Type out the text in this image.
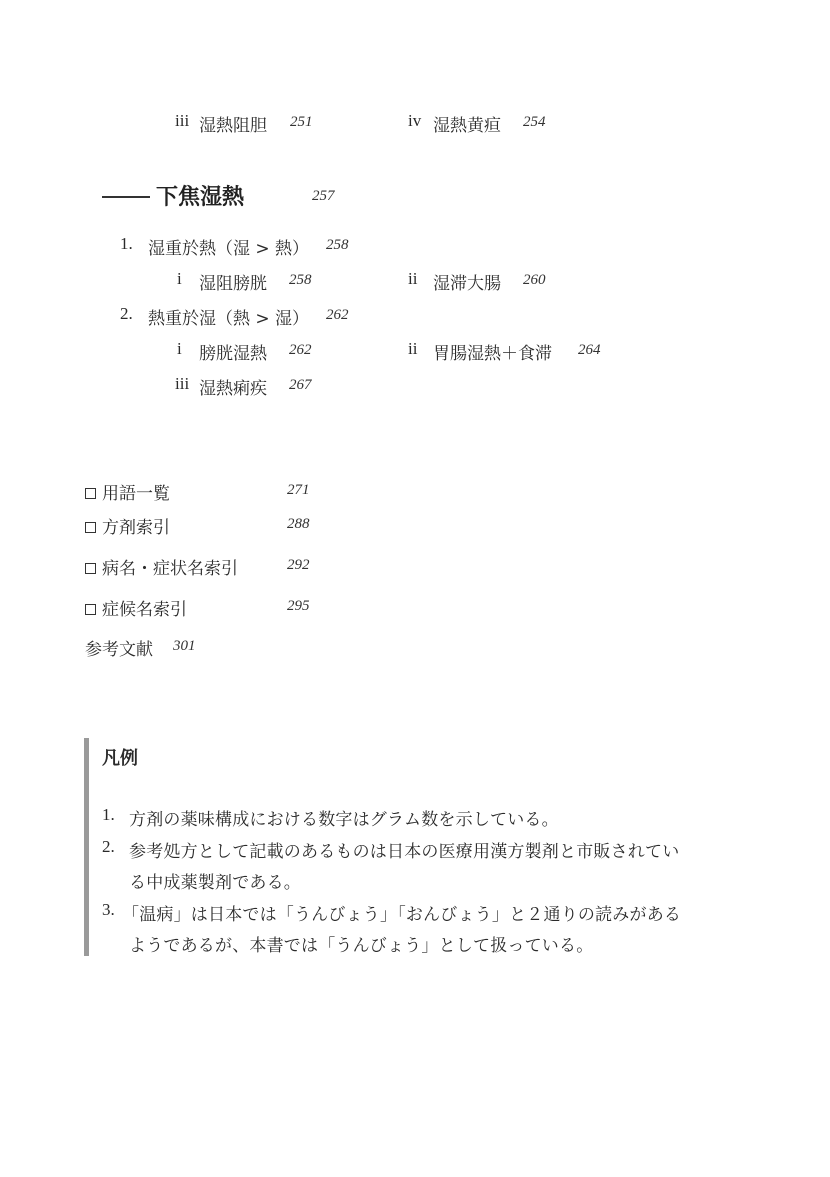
iii 湿熱阻胆 251	iv 湿熱黄疸 254
下焦湿熱	257
1. 湿重於熱（湿 > 熱） 258
i 湿阻膀胱 258	ii 湿滞大腸 260
2. 熱重於湿（熱 > 湿） 262
i 膀胱湿熱 262	ii 胃腸湿熱＋食滞 264
iii 湿熱痢疾 267
用語一覧	271
方剤索引	288
病名・症状名索引	292
症候名索引	295
参考文献 301
凡例
1. 方剤の薬味構成における数字はグラム数を示している。
2. 参考処方として記載のあるものは日本の医療用漢方製剤と市販されてい
る中成薬製剤である。
3. 「温病」は日本では「うんびょう」「おんびょう」と２通りの読みがある
ようであるが、本書では「うんびょう」として扱っている。
